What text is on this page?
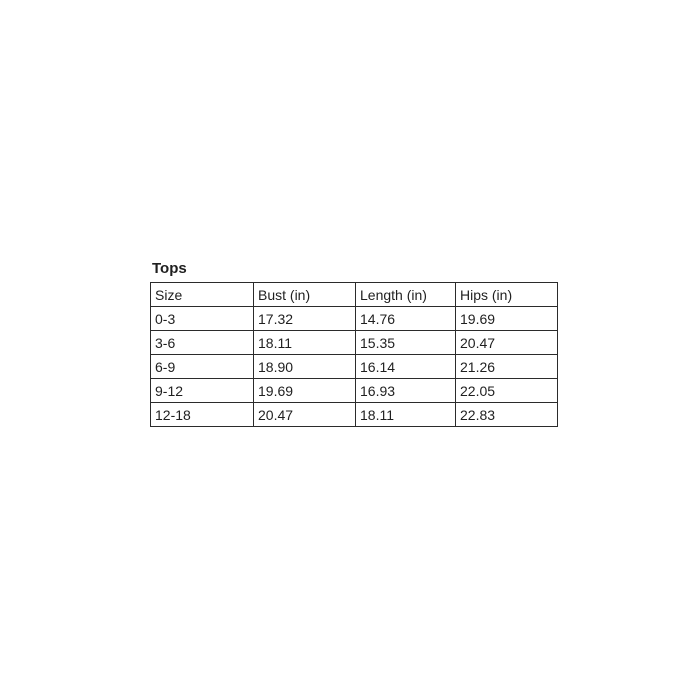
Tops
Size	Bust (in)	Length (in)	Hips (in)
0-3	17.32	14.76	19.69
3-6	18.11	15.35	20.47
6-9	18.90	16.14	21.26
9-12	19.69	16.93	22.05
12-18	20.47	18.11	22.83
